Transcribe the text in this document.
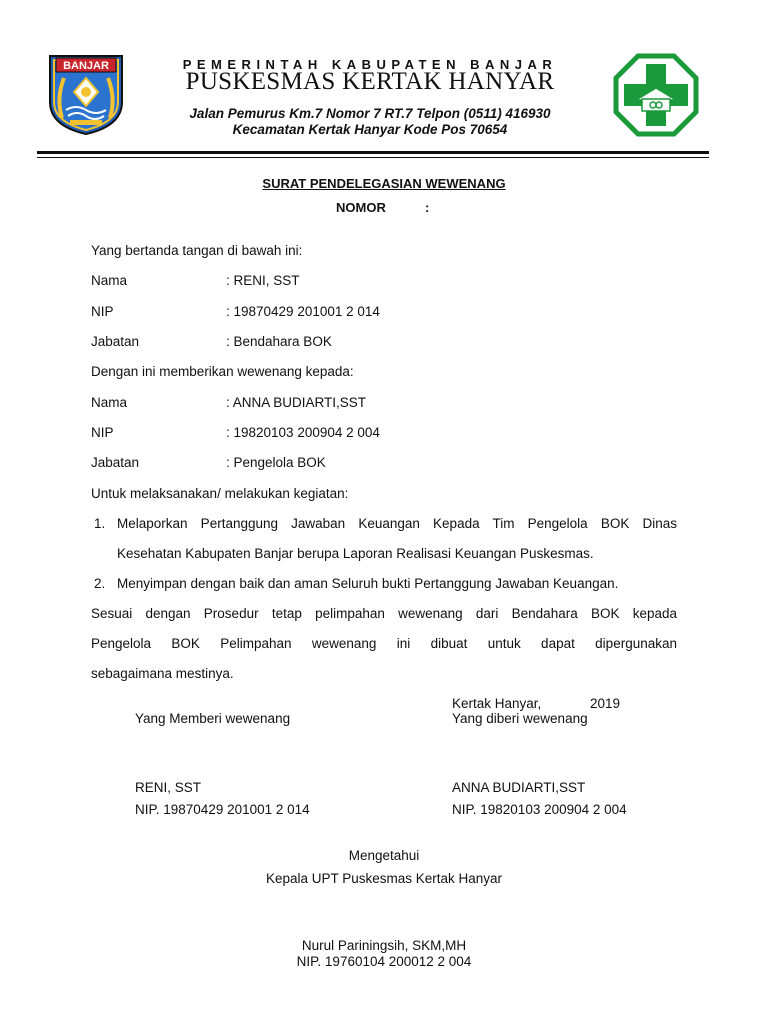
BANJAR	PEMERINTAH KABUPATEN BANJAR
PUSKESMAS KERTAK HANYAR
Jalan Pemurus Km.7 Nomor 7 RT.7 Telpon (0511) 416930
Kecamatan Kertak Hanyar Kode Pos 70654
SURAT PENDELEGASIAN WEWENANG
NOMOR	:
Yang bertanda tangan di bawah ini:
Nama	: RENI, SST
NIP	: 19870429 201001 2 014
Jabatan	: Bendahara BOK
Dengan ini memberikan wewenang kepada:
Nama	: ANNA BUDIARTI,SST
NIP	: 19820103 200904 2 004
Jabatan	: Pengelola BOK
Untuk melaksanakan/ melakukan kegiatan:
1. Melaporkan Pertanggung Jawaban Keuangan Kepada Tim Pengelola BOK Dinas
Kesehatan Kabupaten Banjar berupa Laporan Realisasi Keuangan Puskesmas.
2. Menyimpan dengan baik dan aman Seluruh bukti Pertanggung Jawaban Keuangan.
Sesuai dengan Prosedur tetap pelimpahan wewenang dari Bendahara BOK kepada
Pengelola BOK Pelimpahan wewenang ini dibuat untuk dapat dipergunakan
sebagaimana mestinya.
Kertak Hanyar,	2019
Yang Memberi wewenang	Yang diberi wewenang
RENI, SST	ANNA BUDIARTI,SST
NIP. 19870429 201001 2 014	NIP. 19820103 200904 2 004
Mengetahui
Kepala UPT Puskesmas Kertak Hanyar
Nurul Pariningsih, SKM,MH
NIP. 19760104 200012 2 004
